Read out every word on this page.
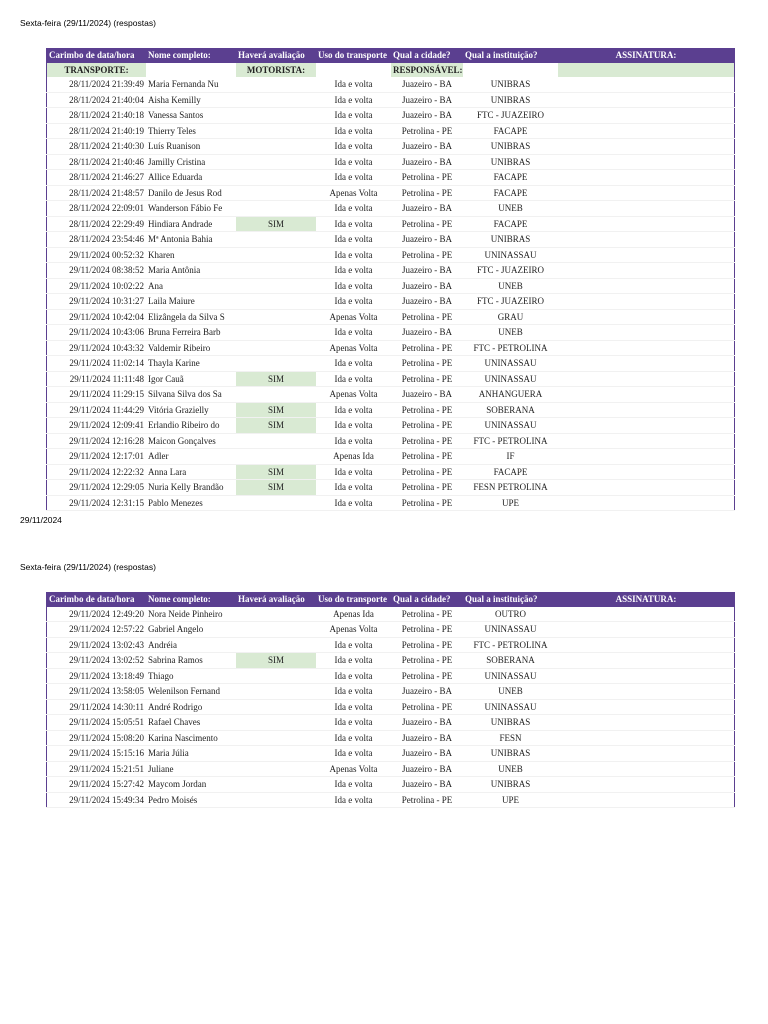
Sexta-feira (29/11/2024) (respostas)
Carimbo de data/hora	Nome completo:	Haverá avaliação	Uso do transporte	Qual a cidade?	Qual a instituição?	ASSINATURA:
TRANSPORTE:		MOTORISTA:		RESPONSÁVEL:		
28/11/2024 21:39:49	Maria Fernanda Nu		Ida e volta	Juazeiro - BA	UNIBRAS	
28/11/2024 21:40:04	Aisha Kemilly		Ida e volta	Juazeiro - BA	UNIBRAS	
28/11/2024 21:40:18	Vanessa Santos		Ida e volta	Juazeiro - BA	FTC - JUAZEIRO	
28/11/2024 21:40:19	Thierry Teles		Ida e volta	Petrolina - PE	FACAPE	
28/11/2024 21:40:30	Luís Ruanison		Ida e volta	Juazeiro - BA	UNIBRAS	
28/11/2024 21:40:46	Jamilly Cristina		Ida e volta	Juazeiro - BA	UNIBRAS	
28/11/2024 21:46:27	Allice Eduarda		Ida e volta	Petrolina - PE	FACAPE	
28/11/2024 21:48:57	Danilo de Jesus Rod		Apenas Volta	Petrolina - PE	FACAPE	
28/11/2024 22:09:01	Wanderson Fábio Fe		Ida e volta	Juazeiro - BA	UNEB	
28/11/2024 22:29:49	Hindiara Andrade	SIM	Ida e volta	Petrolina - PE	FACAPE	
28/11/2024 23:54:46	Mª Antonia Bahia		Ida e volta	Juazeiro - BA	UNIBRAS	
29/11/2024 00:52:32	Kharen		Ida e volta	Petrolina - PE	UNINASSAU	
29/11/2024 08:38:52	Maria Antônia		Ida e volta	Juazeiro - BA	FTC - JUAZEIRO	
29/11/2024 10:02:22	Ana		Ida e volta	Juazeiro - BA	UNEB	
29/11/2024 10:31:27	Laila Maiure		Ida e volta	Juazeiro - BA	FTC - JUAZEIRO	
29/11/2024 10:42:04	Elizângela da Silva S		Apenas Volta	Petrolina - PE	GRAU	
29/11/2024 10:43:06	Bruna Ferreira Barb		Ida e volta	Juazeiro - BA	UNEB	
29/11/2024 10:43:32	Valdemir Ribeiro		Apenas Volta	Petrolina - PE	FTC - PETROLINA	
29/11/2024 11:02:14	Thayla Karine		Ida e volta	Petrolina - PE	UNINASSAU	
29/11/2024 11:11:48	Igor Cauã	SIM	Ida e volta	Petrolina - PE	UNINASSAU	
29/11/2024 11:29:15	Silvana Silva dos Sa		Apenas Volta	Juazeiro - BA	ANHANGUERA	
29/11/2024 11:44:29	Vitória Grazielly	SIM	Ida e volta	Petrolina - PE	SOBERANA	
29/11/2024 12:09:41	Erlandio Ribeiro do	SIM	Ida e volta	Petrolina - PE	UNINASSAU	
29/11/2024 12:16:28	Maicon Gonçalves		Ida e volta	Petrolina - PE	FTC - PETROLINA	
29/11/2024 12:17:01	Adler		Apenas Ida	Petrolina - PE	IF	
29/11/2024 12:22:32	Anna Lara	SIM	Ida e volta	Petrolina - PE	FACAPE	
29/11/2024 12:29:05	Nuria Kelly Brandão	SIM	Ida e volta	Petrolina - PE	FESN PETROLINA	
29/11/2024 12:31:15	Pablo Menezes		Ida e volta	Petrolina - PE	UPE	
29/11/2024
Sexta-feira (29/11/2024) (respostas)
Carimbo de data/hora	Nome completo:	Haverá avaliação	Uso do transporte	Qual a cidade?	Qual a instituição?	ASSINATURA:
29/11/2024 12:49:20	Nora Neide Pinheiro		Apenas Ida	Petrolina - PE	OUTRO	
29/11/2024 12:57:22	Gabriel Angelo		Apenas Volta	Petrolina - PE	UNINASSAU	
29/11/2024 13:02:43	Andréia		Ida e volta	Petrolina - PE	FTC - PETROLINA	
29/11/2024 13:02:52	Sabrina Ramos	SIM	Ida e volta	Petrolina - PE	SOBERANA	
29/11/2024 13:18:49	Thiago		Ida e volta	Petrolina - PE	UNINASSAU	
29/11/2024 13:58:05	Welenilson Fernand		Ida e volta	Juazeiro - BA	UNEB	
29/11/2024 14:30:11	André Rodrigo		Ida e volta	Petrolina - PE	UNINASSAU	
29/11/2024 15:05:51	Rafael Chaves		Ida e volta	Juazeiro - BA	UNIBRAS	
29/11/2024 15:08:20	Karina Nascimento		Ida e volta	Juazeiro - BA	FESN	
29/11/2024 15:15:16	Maria Júlia		Ida e volta	Juazeiro - BA	UNIBRAS	
29/11/2024 15:21:51	Juliane		Apenas Volta	Juazeiro - BA	UNEB	
29/11/2024 15:27:42	Maycom Jordan		Ida e volta	Juazeiro - BA	UNIBRAS	
29/11/2024 15:49:34	Pedro Moisés		Ida e volta	Petrolina - PE	UPE	
